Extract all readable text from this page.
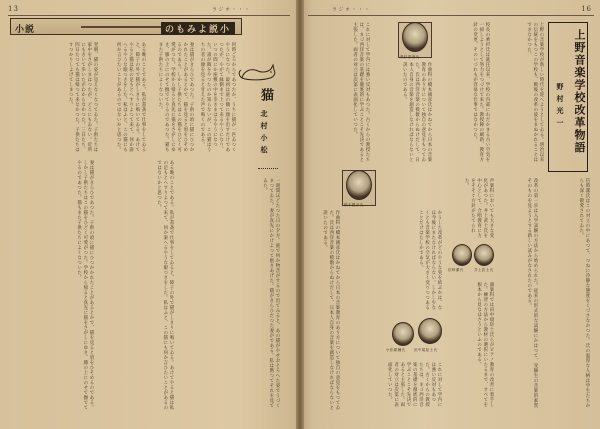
13	ラジオ・・・
小説	のもみよ説小
猫
北村小松
何時ごろからであつたか、うちに猫が一匹ゐつくやうになつた。最初は庭の隅に顔を出すだけであつたが、やがて縁側まで上つて来るやうになり、いつの間にか座敷の中を歩きまはるやうになつた。誰が餌をやつたのか知らないが、この猫はうちの者の顔を見ると甘えた声で鳴くのである。
妻は猫がきらひであつた。子供の頃に猫にひつかかれたことがあるとかで、猫を見ると眉をひそめるのである。しかし子供たちはこの猫をひどく可愛がつた。学校から帰ると真先に猫をさがしにゆき、膝の上にのせて撫でてやるのであつた。猫もまた子供たちによくなついた。
ある晩のことである。私が書斎で仕事をしてゐると、障子の外で猫がしきりに鳴いてゐる。あけてやると猫は私の足もとへすりよつて来て、何か訴へるやうな眼つきをした。私はふと、この猫にも何か言ひたいことがあるのではないかと思つた。
翌朝、猫の姿が見えなくなつてゐた。子供たちは家中をさがしまはつたが、どこにもゐない。近所にもきいて歩いたがわからなかつた。三日たち、四日たつても猫は帰つて来なかつた。子供たちはすつかりしよげてしまつた。
一週間ほどたつた日の夕方、庭で何か物音がするので出てみると、あの猫がやせおとろへた姿でうづくまつてゐた。妻が真先にかけよつて抱きあげた。猫がきらひだつた妻がである。私は黙つてそれを見てゐた。
ある晩のことである。私が書斎で仕事をしてゐると、障子の外で猫がしきりに鳴いてゐる。あけてやると猫は私の足もとへすりよつて来て、何か訴へるやうな眼つきをした。私はふと、この猫にも何か言ひたいことがあるのではないかと思つた。
妻は猫がきらひであつた。子供の頃に猫にひつかかれたことがあるとかで、猫を見ると眉をひそめるのである。しかし子供たちはこの猫をひどく可愛がつた。学校から帰ると真先に猫をさがしにゆき、膝の上にのせて撫でてやるのであつた。猫もまた子供たちによくなついた。
16
ラジオ・・・
上野音楽学校改革物語
野村光一
乗杉嘉壽氏
橋本國彦氏
信時潔氏	井上武士氏
小松耕輔氏 田中規矩士氏
上野の音楽学校が新しい時代を迎へようとしてゐる。明治以来の伝統をもつこの学校も、戦後の改革の波をまぬかれることはできなかつた。
校長の乗杉氏は就任以来、学校の内部にわだかまる古い空気を一掃しようとして努力をつづけて来た。教授陣の刷新、教育方針の変更、そのいづれもが容易な仕事ではなかつた。
作曲科の橋本國彦氏はかねてから日本の音楽教育のあり方について独自の意見をもつてゐた。氏は西洋音楽の模倣からぬけだして、日本人自身の音楽を創造しなければならないと説いたのである。
これに対して学内には強い反対もあつた。古くからの教授たちは、まづ西洋音楽の基礎を徹底的に学ぶことこそ先決であると主張した。両者の対立は次第に表面化していつた。
信時潔氏はこの対立の中にあつて、つねに冷静な態度をくづさなかつた。氏の温厚な人柄は学生たちからも深く敬愛されてゐた。
改革の第一歩は入学試験の方法から始められた。従来の形式的な試験にかはつて、受験生の音楽的素質そのものを見ようとする新しい試みがなされたのである。
声楽科においても大きな変化があつた。井上武士氏を中心として、合唱教育に力をそそぐ方針がたてられた。
器楽科では田中規矩士氏らがピアノ教育の改善に着手した。練習の方法から教材の選択にいたるまで、すべてを根本から見なほさうといふのである。
かうした改革がどのやうな実を結ぶかは、なほ今後にまたなければならない。しかし少なくとも音楽学校の空気が大きく変りつつあることだけはたしかである。
作曲科の橋本國彦氏はかねてから日本の音楽教育のあり方について独自の意見をもつてゐた。氏は西洋音楽の模倣からぬけだして、日本人自身の音楽を創造しなければならないと説いたのである。
これに対して学内には強い反対もあつた。古くからの教授たちは、まづ西洋音楽の基礎を徹底的に学ぶことこそ先決であると主張した。両者の対立は次第に表面化していつた。
